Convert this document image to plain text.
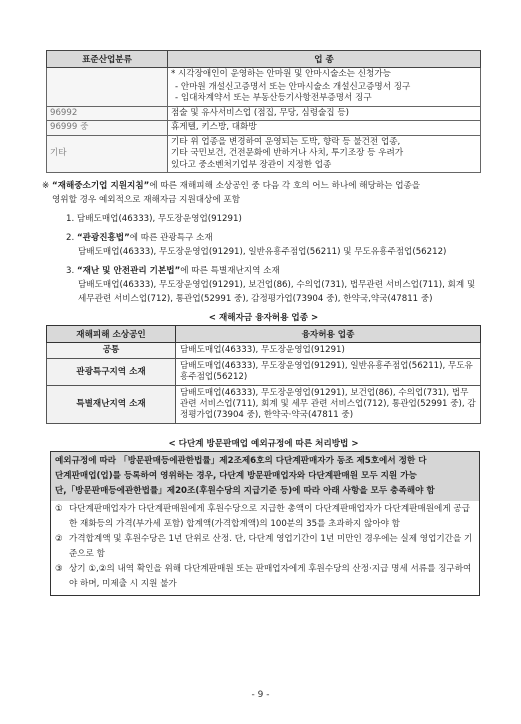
표준산업분류	업 종

	* 시각장애인이 운영하는 안마원 및 안마시술소는 신청가능
- 안마원 개설신고증명서 또는 안마시술소 개설신고증명서 징구
- 임대차계약서 또는 부동산등기사항전부증명서 징구

96992	점술 및 유사서비스업 (점집, 무당, 심령술집 등)

96999 중	휴게텔, 키스방, 대화방

기타	기타 위 업종을 변경하여 운영되는 도박, 향락 등 불건전 업종,
기타 국민보건, 건전문화에 반하거나 사치, 투기조장 등 우려가
있다고 중소벤처기업부 장관이 지정한 업종
※ “재해중소기업 지원지침”에 따른 재해피해 소상공인 중 다음 각 호의 어느 하나에 해당하는 업종을

영위할 경우 예외적으로 재해자금 지원대상에 포함

1. 담배도매업(46333), 무도장운영업(91291)
2. “관광진흥법”에 따른 관광특구 소재
담배도매업(46333), 무도장운영업(91291), 일반유흥주점업(56211) 및 무도유흥주점업(56212)
3. “재난 및 안전관리 기본법”에 따른 특별재난지역 소재
담배도매업(46333), 무도장운영업(91291), 보건업(86), 수의업(731), 법무관련 서비스업(711), 회계 및 세무관련 서비스업(712), 통관업(52991 중), 감정평가업(73904 중), 한약국,약국(47811 중)
< 재해자금 융자허용 업종 >
재해피해 소상공인	융자허용 업종
공통	담배도매업(46333), 무도장운영업(91291)
관광특구지역 소재	담배도매업(46333), 무도장운영업(91291), 일반유흥주점업(56211), 무도유흥주점업(56212)
특별재난지역 소재	담배도매업(46333), 무도장운영업(91291), 보건업(86), 수의업(731), 법무 관련 서비스업(711), 회계 및 세무 관련 서비스업(712), 통관업(52991 중), 감정평가업(73904 중), 한약국·약국(47811 중)
< 다단계 방문판매업 예외규정에 따른 처리방법 >
예외규정에 따라 「방문판매등에관한법률」제2조제6호의 다단계판매자가 동조 제5호에서 정한 다
단계판매업(업)를 등록하여 영위하는 경우, 다단계 방문판매업자와 다단계판매원 모두 지원 가능
단,「방문판매등에관한법률」제20조(후원수당의 지급기준 등)에 따라 아래 사항을 모두 충족해야 함
① 다단계판매업자가 다단계판매원에게 후원수당으로 지급한 총액이 다단계판매업자가 다단계판매원에게 공급한 재화등의 가격(부가세 포함) 합계액(가격합계액)의 100분의 35를 초과하지 않아야 함
② 가격합계액 및 후원수당은 1년 단위로 산정. 단, 다단계 영업기간이 1년 미만인 경우에는 실제 영업기간을 기준으로 함
③ 상기 ①,②의 내역 확인을 위해 다단계판매원 또는 판매업자에게 후원수당의 산정·지급 명세 서류를 징구하여야 하며, 미제출 시 지원 불가
- 9 -
